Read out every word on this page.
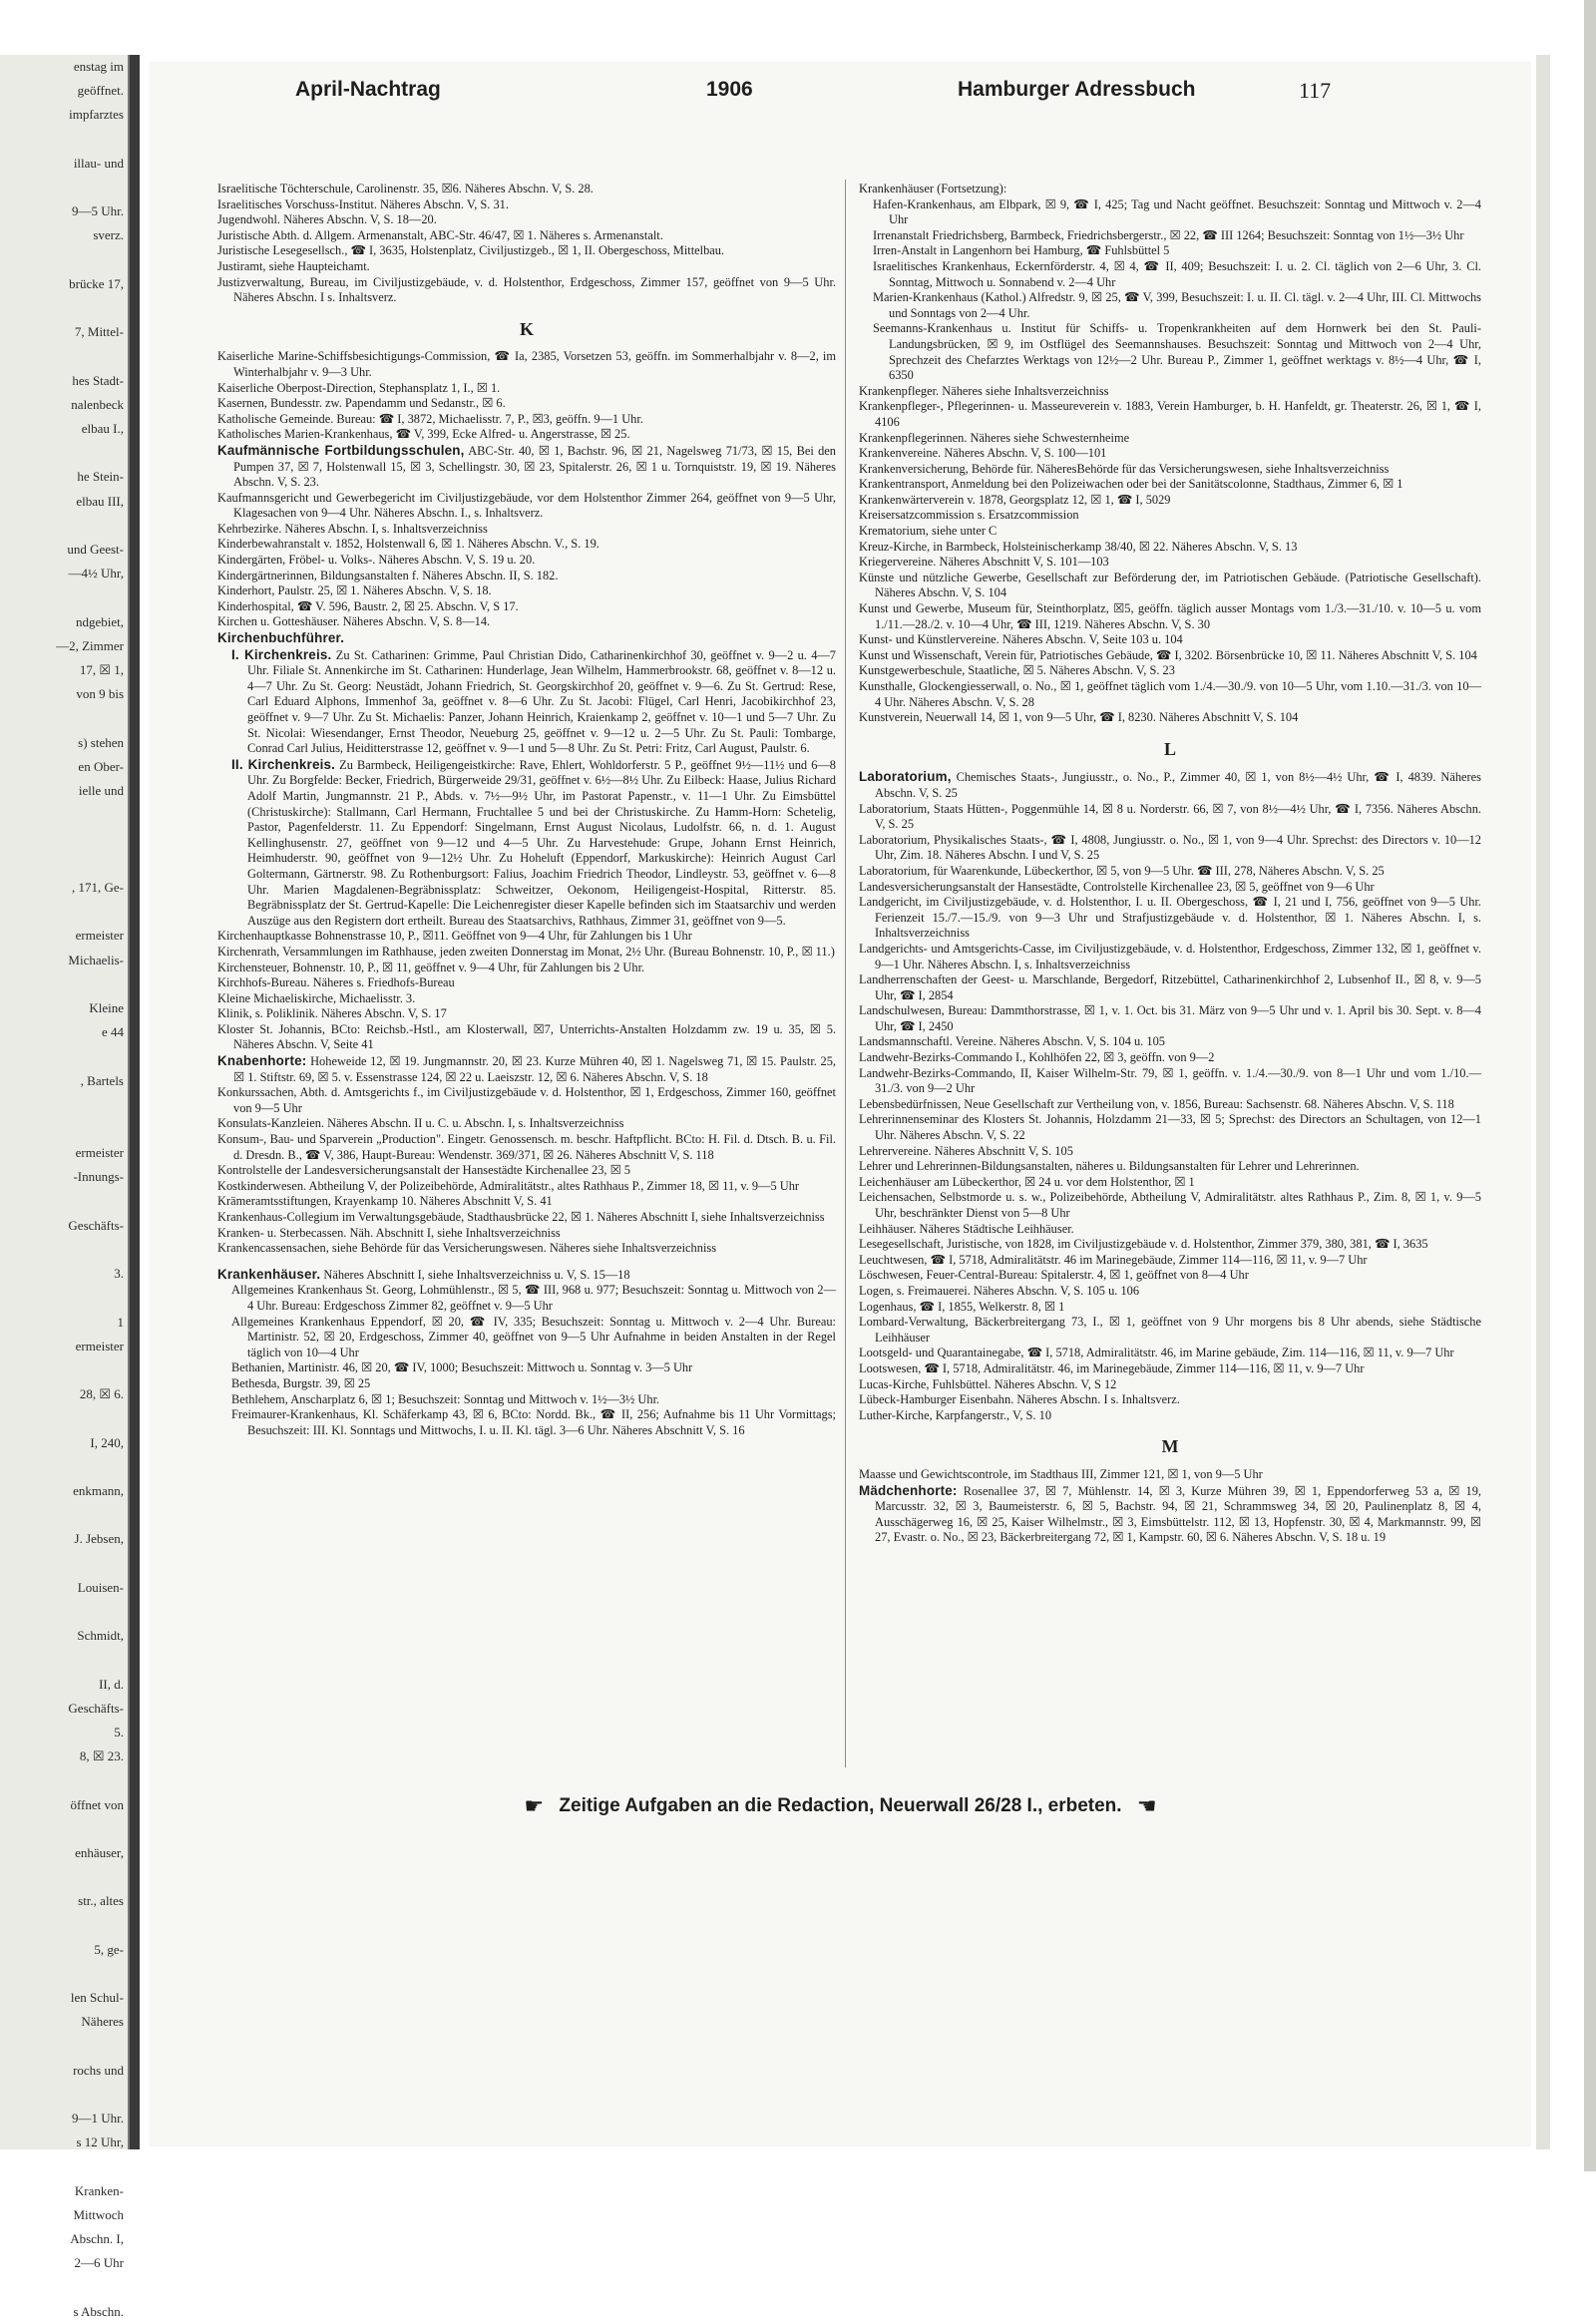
enstag im
geöffnet.
impfarztes

illau- und

9—5 Uhr.
sverz.

brücke 17,

7, Mittel-

hes Stadt-
nalenbeck
elbau I.,

he Stein-
elbau III,

und Geest-
—4½ Uhr,

ndgebiet,
—2, Zimmer
17, ☒ 1,
von 9 bis

s) stehen
en Ober-
ielle und

, 171, Ge-

ermeister
Michaelis-

Kleine
e 44

, Bartels

ermeister
-Innungs-

Geschäfts-

3.

1
ermeister

28, ☒ 6.

I, 240,

enkmann,

J. Jebsen,

Louisen-

Schmidt,

II, d.
Geschäfts-
5.
8, ☒ 23.

öffnet von

enhäuser,

str., altes

5, ge-

len Schul-
Näheres

rochs und

9—1 Uhr.
s 12 Uhr,

Kranken-
Mittwoch
Abschn. I,
2—6 Uhr

s Abschn.
April-Nachtrag	1906	Hamburger Adressbuch	117

Israelitische Töchterschule, Carolinenstr. 35, ☒6. Näheres Abschn. V, S. 28.

Israelitisches Vorschuss-Institut. Näheres Abschn. V, S. 31.

Jugendwohl. Näheres Abschn. V, S. 18—20.

Juristische Abth. d. Allgem. Armenanstalt, ABC-Str. 46/47, ☒ 1. Näheres s. Armenanstalt.

Juristische Lesegesellsch., ☎ I, 3635, Holstenplatz, Civiljustizgeb., ☒ 1, II. Obergeschoss, Mittelbau.

Justiramt, siehe Haupteichamt.

Justizverwaltung, Bureau, im Civiljustizgebäude, v. d. Holstenthor, Erdgeschoss, Zimmer 157, geöffnet von 9—5 Uhr. Näheres Abschn. I s. Inhaltsverz.

K

Kaiserliche Marine-Schiffsbesichtigungs-Commission, ☎ Ia, 2385, Vorsetzen 53, geöffn. im Sommerhalbjahr v. 8—2, im Winterhalbjahr v. 9—3 Uhr.

Kaiserliche Oberpost-Direction, Stephansplatz 1, I., ☒ 1.

Kasernen, Bundesstr. zw. Papendamm und Sedanstr., ☒ 6.

Katholische Gemeinde. Bureau: ☎ I, 3872, Michaelisstr. 7, P., ☒3, geöffn. 9—1 Uhr.

Katholisches Marien-Krankenhaus, ☎ V, 399, Ecke Alfred- u. Angerstrasse, ☒ 25.

Kaufmännische Fortbildungsschulen, ABC-Str. 40, ☒ 1, Bachstr. 96, ☒ 21, Nagelsweg 71/73, ☒ 15, Bei den Pumpen 37, ☒ 7, Holstenwall 15, ☒ 3, Schellingstr. 30, ☒ 23, Spitalerstr. 26, ☒ 1 u. Tornquiststr. 19, ☒ 19. Näheres Abschn. V, S. 23.

Kaufmannsgericht und Gewerbegericht im Civiljustizgebäude, vor dem Holstenthor Zimmer 264, geöffnet von 9—5 Uhr, Klagesachen von 9—4 Uhr. Näheres Abschn. I., s. Inhaltsverz.

Kehrbezirke. Näheres Abschn. I, s. Inhaltsverzeichniss

Kinderbewahranstalt v. 1852, Holstenwall 6, ☒ 1. Näheres Abschn. V., S. 19.

Kindergärten, Fröbel- u. Volks-. Näheres Abschn. V, S. 19 u. 20.

Kindergärtnerinnen, Bildungsanstalten f. Näheres Abschn. II, S. 182.

Kinderhort, Paulstr. 25, ☒ 1. Näheres Abschn. V, S. 18.

Kinderhospital, ☎ V. 596, Baustr. 2, ☒ 25. Abschn. V, S 17.

Kirchen u. Gotteshäuser. Näheres Abschn. V, S. 8—14.

Kirchenbuchführer.

I. Kirchenkreis. Zu St. Catharinen: Grimme, Paul Christian Dido, Catharinenkirchhof 30, geöffnet v. 9—2 u. 4—7 Uhr. Filiale St. Annenkirche im St. Catharinen: Hunderlage, Jean Wilhelm, Hammerbrookstr. 68, geöffnet v. 8—12 u. 4—7 Uhr. Zu St. Georg: Neustädt, Johann Friedrich, St. Georgskirchhof 20, geöffnet v. 9—6. Zu St. Gertrud: Rese, Carl Eduard Alphons, Immenhof 3a, geöffnet v. 8—6 Uhr. Zu St. Jacobi: Flügel, Carl Henri, Jacobikirchhof 23, geöffnet v. 9—7 Uhr. Zu St. Michaelis: Panzer, Johann Heinrich, Kraienkamp 2, geöffnet v. 10—1 und 5—7 Uhr. Zu St. Nicolai: Wiesendanger, Ernst Theodor, Neueburg 25, geöffnet v. 9—12 u. 2—5 Uhr. Zu St. Pauli: Tombarge, Conrad Carl Julius, Heiditterstrasse 12, geöffnet v. 9—1 und 5—8 Uhr. Zu St. Petri: Fritz, Carl August, Paulstr. 6.

II. Kirchenkreis. Zu Barmbeck, Heiligengeistkirche: Rave, Ehlert, Wohldorferstr. 5 P., geöffnet 9½—11½ und 6—8 Uhr. Zu Borgfelde: Becker, Friedrich, Bürgerweide 29/31, geöffnet v. 6½—8½ Uhr. Zu Eilbeck: Haase, Julius Richard Adolf Martin, Jungmannstr. 21 P., Abds. v. 7½—9½ Uhr, im Pastorat Papenstr., v. 11—1 Uhr. Zu Eimsbüttel (Christuskirche): Stallmann, Carl Hermann, Fruchtallee 5 und bei der Christuskirche. Zu Hamm-Horn: Schetelig, Pastor, Pagenfelderstr. 11. Zu Eppendorf: Singelmann, Ernst August Nicolaus, Ludolfstr. 66, n. d. 1. August Kellinghusenstr. 27, geöffnet von 9—12 und 4—5 Uhr. Zu Harvestehude: Grupe, Johann Ernst Heinrich, Heimhuderstr. 90, geöffnet von 9—12½ Uhr. Zu Hoheluft (Eppendorf, Markuskirche): Heinrich August Carl Goltermann, Gärtnerstr. 98. Zu Rothenburgsort: Falius, Joachim Friedrich Theodor, Lindleystr. 53, geöffnet v. 6—8 Uhr. Marien Magdalenen-Begräbnissplatz: Schweitzer, Oekonom, Heiligengeist-Hospital, Ritterstr. 85. Begräbnissplatz der St. Gertrud-Kapelle: Die Leichenregister dieser Kapelle befinden sich im Staatsarchiv und werden Auszüge aus den Registern dort ertheilt. Bureau des Staatsarchivs, Rathhaus, Zimmer 31, geöffnet von 9—5.

Kirchenhauptkasse Bohnenstrasse 10, P., ☒11. Geöffnet von 9—4 Uhr, für Zahlungen bis 1 Uhr

Kirchenrath, Versammlungen im Rathhause, jeden zweiten Donnerstag im Monat, 2½ Uhr. (Bureau Bohnenstr. 10, P., ☒ 11.)

Kirchensteuer, Bohnenstr. 10, P., ☒ 11, geöffnet v. 9—4 Uhr, für Zahlungen bis 2 Uhr.

Kirchhofs-Bureau. Näheres s. Friedhofs-Bureau

Kleine Michaeliskirche, Michaelisstr. 3.

Klinik, s. Poliklinik. Näheres Abschn. V, S. 17

Kloster St. Johannis, BCto: Reichsb.-Hstl., am Klosterwall, ☒7, Unterrichts-Anstalten Holzdamm zw. 19 u. 35, ☒ 5. Näheres Abschn. V, Seite 41

Knabenhorte: Hoheweide 12, ☒ 19. Jungmannstr. 20, ☒ 23. Kurze Mühren 40, ☒ 1. Nagelsweg 71, ☒ 15. Paulstr. 25, ☒ 1. Stiftstr. 69, ☒ 5. v. Essenstrasse 124, ☒ 22 u. Laeiszstr. 12, ☒ 6. Näheres Abschn. V, S. 18

Konkurssachen, Abth. d. Amtsgerichts f., im Civiljustizgebäude v. d. Holstenthor, ☒ 1, Erdgeschoss, Zimmer 160, geöffnet von 9—5 Uhr

Konsulats-Kanzleien. Näheres Abschn. II u. C. u. Abschn. I, s. Inhaltsverzeichniss

Konsum-, Bau- und Sparverein „Production". Eingetr. Genossensch. m. beschr. Haftpflicht. BCto: H. Fil. d. Dtsch. B. u. Fil. d. Dresdn. B., ☎ V, 386, Haupt-Bureau: Wendenstr. 369/371, ☒ 26. Näheres Abschnitt V, S. 118

Kontrolstelle der Landesversicherungsanstalt der Hansestädte Kirchenallee 23, ☒ 5

Kostkinderwesen. Abtheilung V, der Polizeibehörde, Admiralitätstr., altes Rathhaus P., Zimmer 18, ☒ 11, v. 9—5 Uhr

Krämeramtsstiftungen, Krayenkamp 10. Näheres Abschnitt V, S. 41

Krankenhaus-Collegium im Verwaltungsgebäude, Stadthausbrücke 22, ☒ 1. Näheres Abschnitt I, siehe Inhaltsverzeichniss

Kranken- u. Sterbecassen. Näh. Abschnitt I, siehe Inhaltsverzeichniss

Krankencassensachen, siehe Behörde für das Versicherungswesen. Näheres siehe Inhaltsverzeichniss

Krankenhäuser. Näheres Abschnitt I, siehe Inhaltsverzeichniss u. V, S. 15—18

Allgemeines Krankenhaus St. Georg, Lohmühlenstr., ☒ 5, ☎ III, 968 u. 977; Besuchszeit: Sonntag u. Mittwoch von 2—4 Uhr. Bureau: Erdgeschoss Zimmer 82, geöffnet v. 9—5 Uhr

Allgemeines Krankenhaus Eppendorf, ☒ 20, ☎ IV, 335; Besuchszeit: Sonntag u. Mittwoch v. 2—4 Uhr. Bureau: Martinistr. 52, ☒ 20, Erdgeschoss, Zimmer 40, geöffnet von 9—5 Uhr Aufnahme in beiden Anstalten in der Regel täglich von 10—4 Uhr

Bethanien, Martinistr. 46, ☒ 20, ☎ IV, 1000; Besuchszeit: Mittwoch u. Sonntag v. 3—5 Uhr

Bethesda, Burgstr. 39, ☒ 25

Bethlehem, Anscharplatz 6, ☒ 1; Besuchszeit: Sonntag und Mittwoch v. 1½—3½ Uhr.

Freimaurer-Krankenhaus, Kl. Schäferkamp 43, ☒ 6, BCto: Nordd. Bk., ☎ II, 256; Aufnahme bis 11 Uhr Vormittags; Besuchszeit: III. Kl. Sonntags und Mittwochs, I. u. II. Kl. tägl. 3—6 Uhr. Näheres Abschnitt V, S. 16

Krankenhäuser (Fortsetzung):

Hafen-Krankenhaus, am Elbpark, ☒ 9, ☎ I, 425; Tag und Nacht geöffnet. Besuchszeit: Sonntag und Mittwoch v. 2—4 Uhr

Irrenanstalt Friedrichsberg, Barmbeck, Friedrichsbergerstr., ☒ 22, ☎ III 1264; Besuchszeit: Sonntag von 1½—3½ Uhr

Irren-Anstalt in Langenhorn bei Hamburg, ☎ Fuhlsbüttel 5

Israelitisches Krankenhaus, Eckernförderstr. 4, ☒ 4, ☎ II, 409; Besuchszeit: I. u. 2. Cl. täglich von 2—6 Uhr, 3. Cl. Sonntag, Mittwoch u. Sonnabend v. 2—4 Uhr

Marien-Krankenhaus (Kathol.) Alfredstr. 9, ☒ 25, ☎ V, 399, Besuchszeit: I. u. II. Cl. tägl. v. 2—4 Uhr, III. Cl. Mittwochs und Sonntags von 2—4 Uhr.

Seemanns-Krankenhaus u. Institut für Schiffs- u. Tropenkrankheiten auf dem Hornwerk bei den St. Pauli-Landungsbrücken, ☒ 9, im Ostflügel des Seemannshauses. Besuchszeit: Sonntag und Mittwoch von 2—4 Uhr, Sprechzeit des Chefarztes Werktags von 12½—2 Uhr. Bureau P., Zimmer 1, geöffnet werktags v. 8½—4 Uhr, ☎ I, 6350

Krankenpfleger. Näheres siehe Inhaltsverzeichniss

Krankenpfleger-, Pflegerinnen- u. Masseureverein v. 1883, Verein Hamburger, b. H. Hanfeldt, gr. Theaterstr. 26, ☒ 1, ☎ I, 4106

Krankenpflegerinnen. Näheres siehe Schwesternheime

Krankenvereine. Näheres Abschn. V, S. 100—101

Krankenversicherung, Behörde für. NäheresBehörde für das Versicherungswesen, siehe Inhaltsverzeichniss

Krankentransport, Anmeldung bei den Polizeiwachen oder bei der Sanitätscolonne, Stadthaus, Zimmer 6, ☒ 1

Krankenwärterverein v. 1878, Georgsplatz 12, ☒ 1, ☎ I, 5029

Kreisersatzcommission s. Ersatzcommission

Krematorium, siehe unter C

Kreuz-Kirche, in Barmbeck, Holsteinischerkamp 38/40, ☒ 22. Näheres Abschn. V, S. 13

Kriegervereine. Näheres Abschnitt V, S. 101—103

Künste und nützliche Gewerbe, Gesellschaft zur Beförderung der, im Patriotischen Gebäude. (Patriotische Gesellschaft). Näheres Abschn. V, S. 104

Kunst und Gewerbe, Museum für, Steinthorplatz, ☒5, geöffn. täglich ausser Montags vom 1./3.—31./10. v. 10—5 u. vom 1./11.—28./2. v. 10—4 Uhr, ☎ III, 1219. Näheres Abschn. V, S. 30

Kunst- und Künstlervereine. Näheres Abschn. V, Seite 103 u. 104

Kunst und Wissenschaft, Verein für, Patriotisches Gebäude, ☎ I, 3202. Börsenbrücke 10, ☒ 11. Näheres Abschnitt V, S. 104

Kunstgewerbeschule, Staatliche, ☒ 5. Näheres Abschn. V, S. 23

Kunsthalle, Glockengiesserwall, o. No., ☒ 1, geöffnet täglich vom 1./4.—30./9. von 10—5 Uhr, vom 1.10.—31./3. von 10—4 Uhr. Näheres Abschn. V, S. 28

Kunstverein, Neuerwall 14, ☒ 1, von 9—5 Uhr, ☎ I, 8230. Näheres Abschnitt V, S. 104

L

Laboratorium, Chemisches Staats-, Jungiusstr., o. No., P., Zimmer 40, ☒ 1, von 8½—4½ Uhr, ☎ I, 4839. Näheres Abschn. V, S. 25

Laboratorium, Staats Hütten-, Poggenmühle 14, ☒ 8 u. Norderstr. 66, ☒ 7, von 8½—4½ Uhr, ☎ I, 7356. Näheres Abschn. V, S. 25

Laboratorium, Physikalisches Staats-, ☎ I, 4808, Jungiusstr. o. No., ☒ 1, von 9—4 Uhr. Sprechst: des Directors v. 10—12 Uhr, Zim. 18. Näheres Abschn. I und V, S. 25

Laboratorium, für Waarenkunde, Lübeckerthor, ☒ 5, von 9—5 Uhr. ☎ III, 278, Näheres Abschn. V, S. 25

Landesversicherungsanstalt der Hansestädte, Controlstelle Kirchenallee 23, ☒ 5, geöffnet von 9—6 Uhr

Landgericht, im Civiljustizgebäude, v. d. Holstenthor, I. u. II. Obergeschoss, ☎ I, 21 und I, 756, geöffnet von 9—5 Uhr. Ferienzeit 15./7.—15./9. von 9—3 Uhr und Strafjustizgebäude v. d. Holstenthor, ☒ 1. Näheres Abschn. I, s. Inhaltsverzeichniss

Landgerichts- und Amtsgerichts-Casse, im Civiljustizgebäude, v. d. Holstenthor, Erdgeschoss, Zimmer 132, ☒ 1, geöffnet v. 9—1 Uhr. Näheres Abschn. I, s. Inhaltsverzeichniss

Landherrenschaften der Geest- u. Marschlande, Bergedorf, Ritzebüttel, Catharinenkirchhof 2, Lubsenhof II., ☒ 8, v. 9—5 Uhr, ☎ I, 2854

Landschulwesen, Bureau: Dammthorstrasse, ☒ 1, v. 1. Oct. bis 31. März von 9—5 Uhr und v. 1. April bis 30. Sept. v. 8—4 Uhr, ☎ I, 2450

Landsmannschaftl. Vereine. Näheres Abschn. V, S. 104 u. 105

Landwehr-Bezirks-Commando I., Kohlhöfen 22, ☒ 3, geöffn. von 9—2

Landwehr-Bezirks-Commando, II, Kaiser Wilhelm-Str. 79, ☒ 1, geöffn. v. 1./4.—30./9. von 8—1 Uhr und vom 1./10.—31./3. von 9—2 Uhr

Lebensbedürfnissen, Neue Gesellschaft zur Vertheilung von, v. 1856, Bureau: Sachsenstr. 68. Näheres Abschn. V, S. 118

Lehrerinnenseminar des Klosters St. Johannis, Holzdamm 21—33, ☒ 5; Sprechst: des Directors an Schultagen, von 12—1 Uhr. Näheres Abschn. V, S. 22

Lehrervereine. Näheres Abschnitt V, S. 105

Lehrer und Lehrerinnen-Bildungsanstalten, näheres u. Bildungsanstalten für Lehrer und Lehrerinnen.

Leichenhäuser am Lübeckerthor, ☒ 24 u. vor dem Holstenthor, ☒ 1

Leichensachen, Selbstmorde u. s. w., Polizeibehörde, Abtheilung V, Admiralitätstr. altes Rathhaus P., Zim. 8, ☒ 1, v. 9—5 Uhr, beschränkter Dienst von 5—8 Uhr

Leihhäuser. Näheres Städtische Leihhäuser.

Lesegesellschaft, Juristische, von 1828, im Civiljustizgebäude v. d. Holstenthor, Zimmer 379, 380, 381, ☎ I, 3635

Leuchtwesen, ☎ I, 5718, Admiralitätstr. 46 im Marinegebäude, Zimmer 114—116, ☒ 11, v. 9—7 Uhr

Löschwesen, Feuer-Central-Bureau: Spitalerstr. 4, ☒ 1, geöffnet von 8—4 Uhr

Logen, s. Freimauerei. Näheres Abschn. V, S. 105 u. 106

Logenhaus, ☎ I, 1855, Welkerstr. 8, ☒ 1

Lombard-Verwaltung, Bäckerbreitergang 73, I., ☒ 1, geöffnet von 9 Uhr morgens bis 8 Uhr abends, siehe Städtische Leihhäuser

Lootsgeld- und Quarantainegabe, ☎ I, 5718, Admiralitätstr. 46, im Marine gebäude, Zim. 114—116, ☒ 11, v. 9—7 Uhr

Lootswesen, ☎ I, 5718, Admiralitätstr. 46, im Marinegebäude, Zimmer 114—116, ☒ 11, v. 9—7 Uhr

Lucas-Kirche, Fuhlsbüttel. Näheres Abschn. V, S 12

Lübeck-Hamburger Eisenbahn. Näheres Abschn. I s. Inhaltsverz.

Luther-Kirche, Karpfangerstr., V, S. 10

M

Maasse und Gewichtscontrole, im Stadthaus III, Zimmer 121, ☒ 1, von 9—5 Uhr

Mädchenhorte: Rosenallee 37, ☒ 7, Mühlenstr. 14, ☒ 3, Kurze Mühren 39, ☒ 1, Eppendorferweg 53 a, ☒ 19, Marcusstr. 32, ☒ 3, Baumeisterstr. 6, ☒ 5, Bachstr. 94, ☒ 21, Schrammsweg 34, ☒ 20, Paulinenplatz 8, ☒ 4, Ausschägerweg 16, ☒ 25, Kaiser Wilhelmstr., ☒ 3, Eimsbüttelstr. 112, ☒ 13, Hopfenstr. 30, ☒ 4, Markmannstr. 99, ☒ 27, Evastr. o. No., ☒ 23, Bäckerbreitergang 72, ☒ 1, Kampstr. 60, ☒ 6. Näheres Abschn. V, S. 18 u. 19

☛ Zeitige Aufgaben an die Redaction, Neuerwall 26/28 I., erbeten. ☚
